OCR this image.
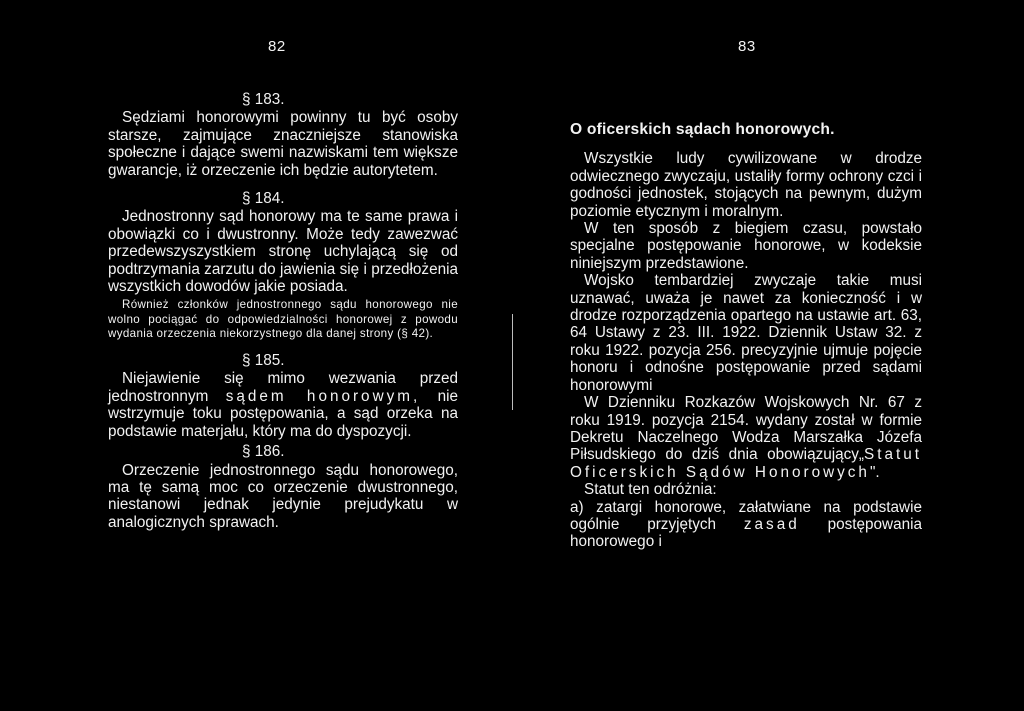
82
§ 183.

Sędziami honorowymi powinny tu być osoby starsze, zajmujące znaczniejsze stanowiska społeczne i dające swemi nazwiskami tem większe gwarancje, iż orzeczenie ich będzie autorytetem.

§ 184.

Jednostronny sąd honorowy ma te same prawa i obowiązki co i dwustronny. Może tedy zawezwać przedewszyszystkiem stronę uchylającą się od podtrzymania zarzutu do jawienia się i przedłożenia wszystkich dowodów jakie posiada.

Również członków jednostronnego sądu honorowego nie wolno pociągać do odpowiedzialności honorowej z powodu wydania orzeczenia niekorzystnego dla danej strony (§ 42).

§ 185.

Niejawienie się mimo wezwania przed jednostronnym sądem honorowym, nie wstrzymuje toku postępowania, a sąd orzeka na podstawie materjału, który ma do dyspozycji.

§ 186.

Orzeczenie jednostronnego sądu honorowego, ma tę samą moc co orzeczenie dwustronnego, niestanowi jednak jedynie prejudykatu w analogicznych sprawach.

83
O oficerskich sądach honorowych.

Wszystkie ludy cywilizowane w drodze odwiecznego zwyczaju, ustaliły formy ochrony czci i godności jednostek, stojących na pewnym, dużym poziomie etycznym i moralnym.

W ten sposób z biegiem czasu, powstało specjalne postępowanie honorowe, w kodeksie niniejszym przedstawione.

Wojsko tembardziej zwyczaje takie musi uznawać, uważa je nawet za konieczność i w drodze rozporządzenia opartego na ustawie art. 63, 64 Ustawy z 23. III. 1922. Dziennik Ustaw 32. z roku 1922. pozycja 256. precyzyjnie ujmuje pojęcie honoru i odnośne postępowanie przed sądami honorowymi

W Dzienniku Rozkazów Wojskowych Nr. 67 z roku 1919. pozycja 2154. wydany został w formie Dekretu Naczelnego Wodza Marszałka Józefa Piłsudskiego do dziś dnia obowiązujący„Statut Oficerskich Sądów Honorowych".

Statut ten odróżnia:

a) zatargi honorowe, załatwiane na podstawie ogólnie przyjętych zasad postępowania honorowego i
